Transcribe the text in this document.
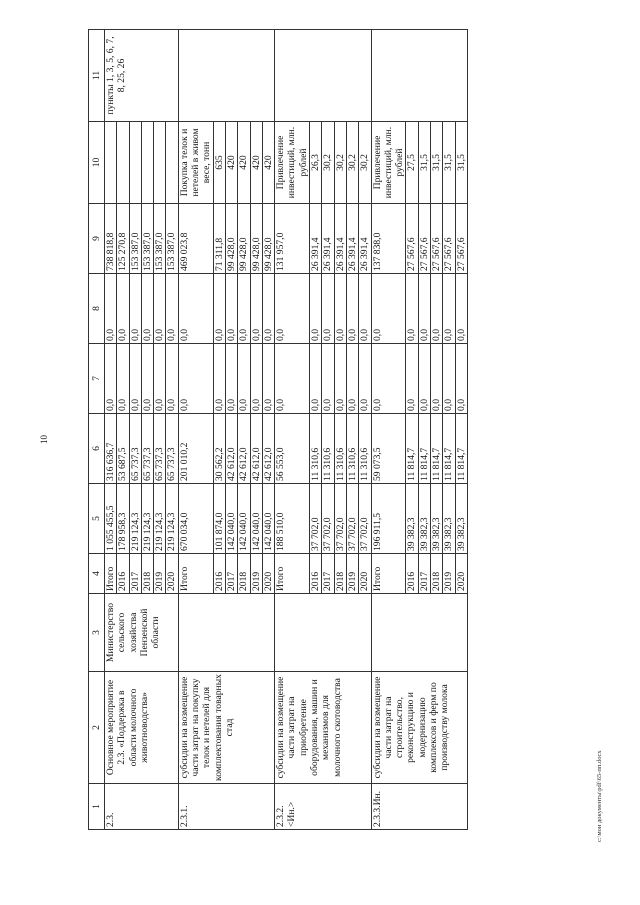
10
1	2	3	4	5	6	7	8	9	10	11
2.3.	Основное мероприятие 2.3. «Поддержка в области молочного животноводства»	Министерство сельского хозяйства Пензенской области	Итого	1 055 455,5	316 636,7	0,0	0,0	738 818,8		пункты 1, 3, 5, 6, 7, 8, 25, 26
			2016	178 958,3	53 687,5	0,0	0,0	125 270,8		
			2017	219 124,3	65 737,3	0,0	0,0	153 387,0		
			2018	219 124,3	65 737,3	0,0	0,0	153 387,0		
			2019	219 124,3	65 737,3	0,0	0,0	153 387,0		
			2020	219 124,3	65 737,3	0,0	0,0	153 387,0		
2.3.1.	субсидии на возмещение части затрат на покупку телок и нетелей для комплектования товарных стад		Итого	670 034,0	201 010,2	0,0	0,0	469 023,8	Покупка телок и нетелей в живом весе, тонн	
			2016	101 874,0	30 562,2	0,0	0,0	71 311,8	635	
			2017	142 040,0	42 612,0	0,0	0,0	99 428,0	420	
			2018	142 040,0	42 612,0	0,0	0,0	99 428,0	420	
			2019	142 040,0	42 612,0	0,0	0,0	99 428,0	420	
			2020	142 040,0	42 612,0	0,0	0,0	99 428,0	420	
2.3.2. <Ин.>	субсидии на возмещение части затрат на приобретение оборудования, машин и механизмов для молочного скотоводства		Итого	188 510,0	56 553,0	0,0	0,0	131 957,0	Привлечение инвестиций, млн. рублей	
			2016	37 702,0	11 310,6	0,0	0,0	26 391,4	26,3	
			2017	37 702,0	11 310,6	0,0	0,0	26 391,4	30,2	
			2018	37 702,0	11 310,6	0,0	0,0	26 391,4	30,2	
			2019	37 702,0	11 310,6	0,0	0,0	26 391,4	30,2	
			2020	37 702,0	11 310,6	0,0	0,0	26 391,4	30,2	
2.3.3.Ин.	субсидии на возмещение части затрат на строительство, реконструкцию и модернизацию комплексов и ферм по производству молока		Итого	196 911,5	59 073,5	0,0	0,0	137 838,0	Привлечение инвестиций, млн. рублей	
			2016	39 382,3	11 814,7	0,0	0,0	27 567,6	27,5	
			2017	39 382,3	11 814,7	0,0	0,0	27 567,6	31,5	
			2018	39 382,3	11 814,7	0,0	0,0	27 567,6	31,5	
			2019	39 382,3	11 814,7	0,0	0,0	27 567,6	31,5	
			2020	39 382,3	11 814,7	0,0	0,0	27 567,6	31,5	
c:\мои документы\pdf\65-пп.docx
